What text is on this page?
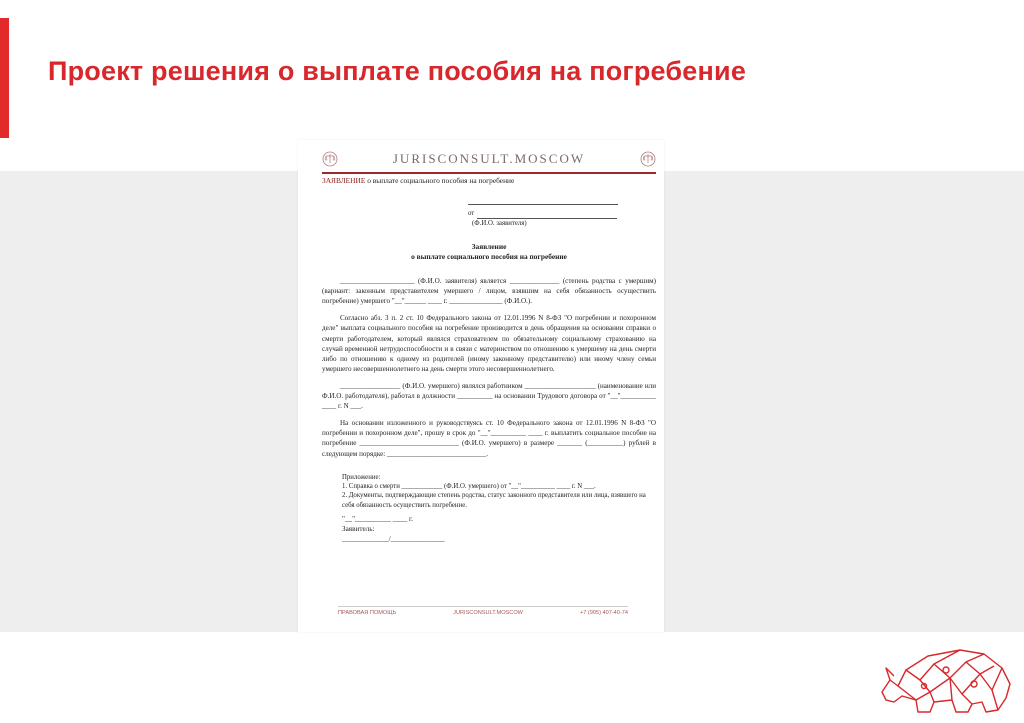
Проект решения о выплате пособия на погребение
JURISCONSULT.MOSCOW
ЗАЯВЛЕНИЕ о выплате социального пособия на погребение
от
(Ф.И.О. заявителя)
Заявление
о выплате социального пособия на погребение
_____________________ (Ф.И.О. заявителя) является ______________ (степень родства с умершим) (вариант: законным представителем умершего / лицом, взявшим на себя обязанность осуществить погребение) умершего "__"______ ____ г. _______________ (Ф.И.О.).
Согласно абз. 3 п. 2 ст. 10 Федерального закона от 12.01.1996 N 8-ФЗ "О погребении и похоронном деле" выплата социального пособия на погребение производится в день обращения на основании справки о смерти работодателем, который являлся страхователем по обязательному социальному страхованию на случай временной нетрудоспособности и в связи с материнством по отношению к умершему на день смерти либо по отношению к одному из родителей (иному законному представителю) или иному члену семьи умершего несовершеннолетнего на день смерти этого несовершеннолетнего.
_________________ (Ф.И.О. умершего) являлся работником ____________________ (наименование или Ф.И.О. работодателя), работал в должности __________ на основании Трудового договора от "__"__________ ____ г. N ___.
На основании изложенного и руководствуясь ст. 10 Федерального закона от 12.01.1996 N 8-ФЗ "О погребении и похоронном деле", прошу в срок до "__"__________ ____ г. выплатить социальное пособие на погребение ____________________________ (Ф.И.О. умершего) в размере _______ (__________) рублей в следующем порядке: ____________________________.
Приложение:
1. Справка о смерти ____________ (Ф.И.О. умершего) от "__"__________ ____ г. N ___.
2. Документы, подтверждающие степень родства, статус законного представителя или лица, взявшего на себя обязанность осуществить погребение.
"__"__________ ____ г.
Заявитель:
_____________/_______________
ПРАВОВАЯ ПОМОЩЬ	JURISCONSULT.MOSCOW	+7 (905) 407-40-74
